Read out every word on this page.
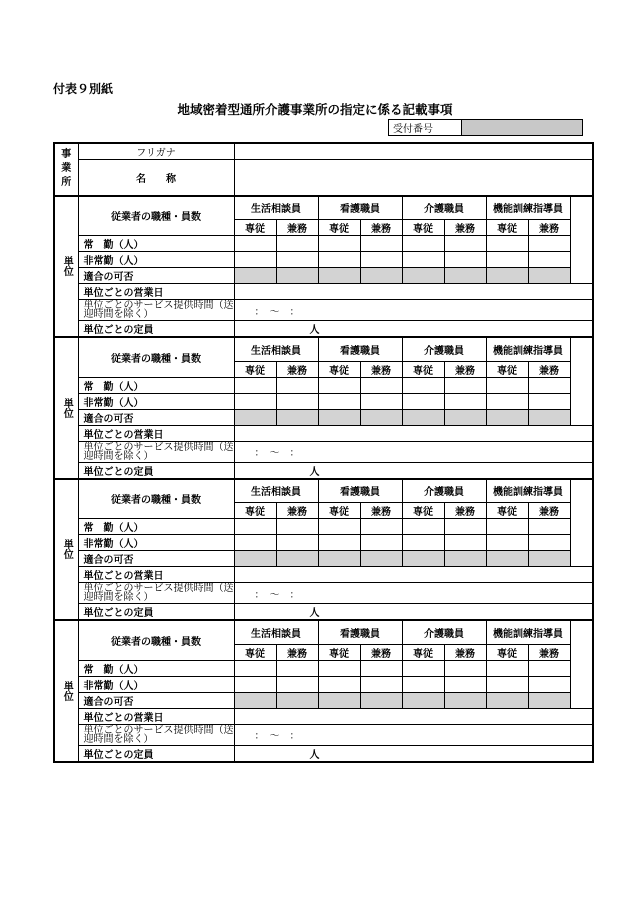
付表９別紙
地域密着型通所介護事業所の指定に係る記載事項
受付番号	
事
業
所	フリガナ									
	名　　称									
単位	従業者の職種・員数	生活相談員		看護職員		介護職員		機能訓練指導員		
		専従	兼務	専従	兼務	専従	兼務	専従	兼務	
	常　勤（人）									
	非常勤（人）									
	適合の可否									
	単位ごとの営業日									
	単位ごとのサービス提供時間（送迎時間を除く）	：　～　：								
	単位ごとの定員	人								
単位	従業者の職種・員数	生活相談員		看護職員		介護職員		機能訓練指導員		
		専従	兼務	専従	兼務	専従	兼務	専従	兼務	
	常　勤（人）									
	非常勤（人）									
	適合の可否									
	単位ごとの営業日									
	単位ごとのサービス提供時間（送迎時間を除く）	：　～　：								
	単位ごとの定員	人								
単位	従業者の職種・員数	生活相談員		看護職員		介護職員		機能訓練指導員		
		専従	兼務	専従	兼務	専従	兼務	専従	兼務	
	常　勤（人）									
	非常勤（人）									
	適合の可否									
	単位ごとの営業日									
	単位ごとのサービス提供時間（送迎時間を除く）	：　～　：								
	単位ごとの定員	人								
単位	従業者の職種・員数	生活相談員		看護職員		介護職員		機能訓練指導員		
		専従	兼務	専従	兼務	専従	兼務	専従	兼務	
	常　勤（人）									
	非常勤（人）									
	適合の可否									
	単位ごとの営業日									
	単位ごとのサービス提供時間（送迎時間を除く）	：　～　：								
	単位ごとの定員	人								
